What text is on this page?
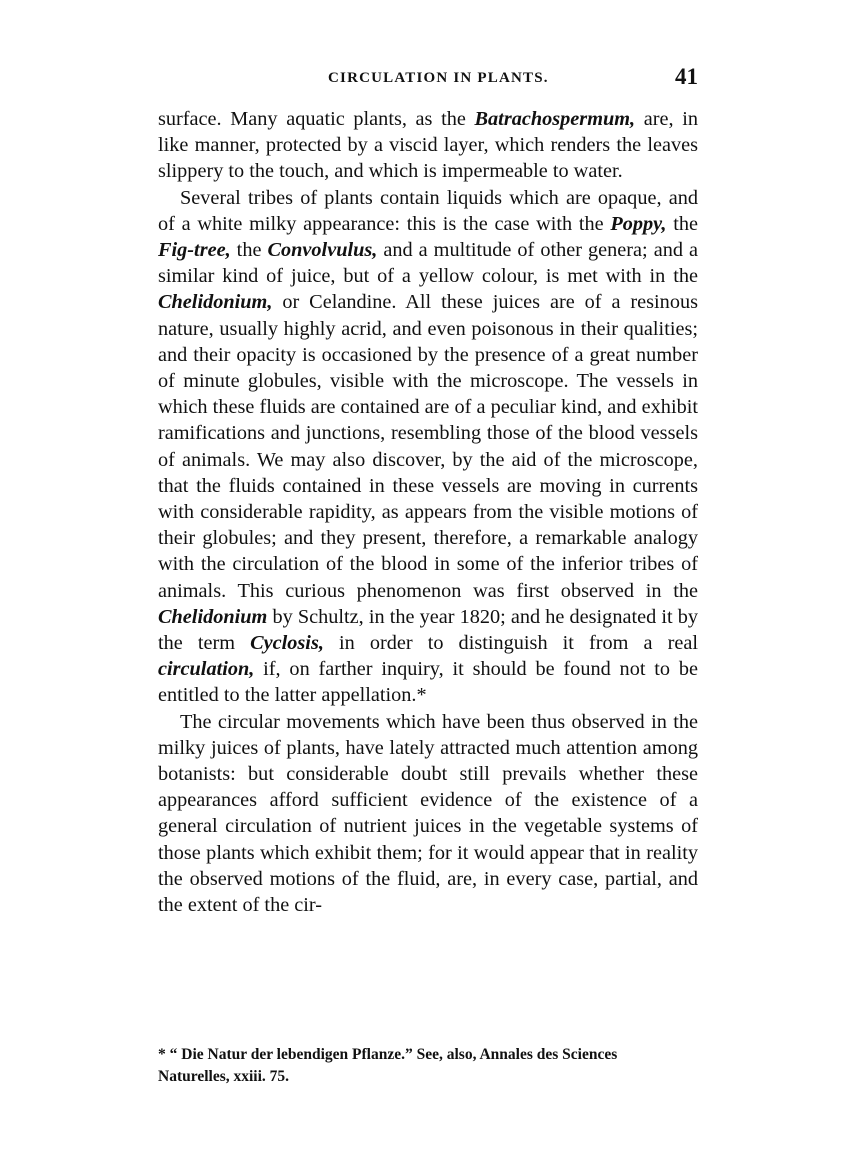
CIRCULATION IN PLANTS.	41

surface. Many aquatic plants, as the Batrachospermum, are, in like manner, protected by a viscid layer, which renders the leaves slippery to the touch, and which is impermeable to water.

Several tribes of plants contain liquids which are opaque, and of a white milky appearance: this is the case with the Poppy, the Fig-tree, the Convolvulus, and a multitude of other genera; and a similar kind of juice, but of a yellow colour, is met with in the Chelidonium, or Celandine. All these juices are of a resinous nature, usually highly acrid, and even poisonous in their qualities; and their opacity is occasioned by the presence of a great number of minute globules, visible with the microscope. The vessels in which these fluids are contained are of a peculiar kind, and exhibit ramifications and junctions, resembling those of the blood vessels of animals. We may also discover, by the aid of the microscope, that the fluids contained in these vessels are moving in currents with considerable rapidity, as appears from the visible motions of their globules; and they present, therefore, a remarkable analogy with the circulation of the blood in some of the inferior tribes of animals. This curious phenomenon was first observed in the Chelidonium by Schultz, in the year 1820; and he designated it by the term Cyclosis, in order to distinguish it from a real circulation, if, on farther inquiry, it should be found not to be entitled to the latter appellation.*

The circular movements which have been thus observed in the milky juices of plants, have lately attracted much attention among botanists: but considerable doubt still prevails whether these appearances afford sufficient evidence of the existence of a general circulation of nutrient juices in the vegetable systems of those plants which exhibit them; for it would appear that in reality the observed motions of the fluid, are, in every case, partial, and the extent of the cir-

* “ Die Natur der lebendigen Pflanze.” See, also, Annales des Sciences
Naturelles, xxiii. 75.
